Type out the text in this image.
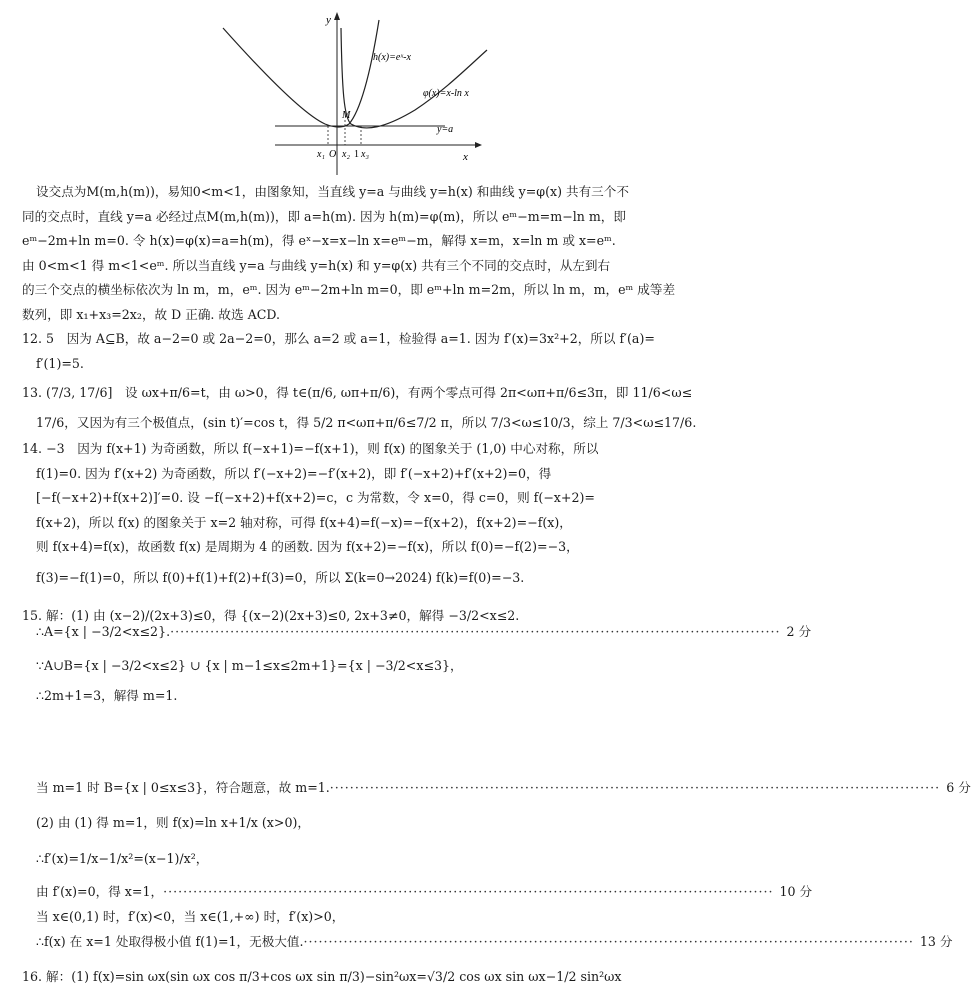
y
x
h(x)=eˣ-x
φ(x)=x-ln x
y=a
M
O
x₁ x₂ 1 x₃
设交点为M(m,h(m))，易知0<m<1，由图象知，当直线 y=a 与曲线 y=h(x) 和曲线 y=φ(x) 共有三个不
同的交点时，直线 y=a 必经过点M(m,h(m))，即 a=h(m). 因为 h(m)=φ(m)，所以 eᵐ−m=m−ln m，即
eᵐ−2m+ln m=0. 令 h(x)=φ(x)=a=h(m)，得 eˣ−x=x−ln x=eᵐ−m，解得 x=m，x=ln m 或 x=eᵐ.
由 0<m<1 得 m<1<eᵐ. 所以当直线 y=a 与曲线 y=h(x) 和 y=φ(x) 共有三个不同的交点时，从左到右
的三个交点的横坐标依次为 ln m，m，eᵐ. 因为 eᵐ−2m+ln m=0，即 eᵐ+ln m=2m，所以 ln m，m，eᵐ 成等差
数列，即 x₁+x₃=2x₂，故 D 正确. 故选 ACD.
12. 5　因为 A⊆B，故 a−2=0 或 2a−2=0，那么 a=2 或 a=1，检验得 a=1. 因为 f′(x)=3x²+2，所以 f′(a)=
f′(1)=5.
13. (7/3, 17/6]　设 ωx+π/6=t，由 ω>0，得 t∈(π/6, ωπ+π/6)，有两个零点可得 2π<ωπ+π/6≤3π，即 11/6<ω≤
17/6，又因为有三个极值点，(sin t)′=cos t，得 5/2 π<ωπ+π/6≤7/2 π，所以 7/3<ω≤10/3，综上 7/3<ω≤17/6.
14. −3　因为 f(x+1) 为奇函数，所以 f(−x+1)=−f(x+1)，则 f(x) 的图象关于 (1,0) 中心对称，所以
f(1)=0. 因为 f′(x+2) 为奇函数，所以 f′(−x+2)=−f′(x+2)，即 f′(−x+2)+f′(x+2)=0，得
[−f(−x+2)+f(x+2)]′=0. 设 −f(−x+2)+f(x+2)=c，c 为常数，令 x=0，得 c=0，则 f(−x+2)=
f(x+2)，所以 f(x) 的图象关于 x=2 轴对称，可得 f(x+4)=f(−x)=−f(x+2)，f(x+2)=−f(x)，
则 f(x+4)=f(x)，故函数 f(x) 是周期为 4 的函数. 因为 f(x+2)=−f(x)，所以 f(0)=−f(2)=−3，
f(3)=−f(1)=0，所以 f(0)+f(1)+f(2)+f(3)=0，所以 Σ(k=0→2024) f(k)=f(0)=−3.
15. 解：(1) 由 (x−2)/(2x+3)≤0，得 {(x−2)(2x+3)≤0, 2x+3≠0，解得 −3/2<x≤2.
∴A={x | −3/2<x≤2}. ·························································································································· 2 分
∵A∪B={x | −3/2<x≤2} ∪ {x | m−1≤x≤2m+1}={x | −3/2<x≤3}，
∴2m+1=3，解得 m=1.
当 m=1 时 B={x | 0≤x≤3}，符合题意，故 m=1. ·························································································································· 6 分
(2) 由 (1) 得 m=1，则 f(x)=ln x+1/x (x>0)，
∴f′(x)=1/x−1/x²=(x−1)/x²，
由 f′(x)=0，得 x=1， ·························································································································· 10 分
当 x∈(0,1) 时，f′(x)<0，当 x∈(1,+∞) 时，f′(x)>0，
∴f(x) 在 x=1 处取得极小值 f(1)=1，无极大值. ·························································································································· 13 分
16. 解：(1) f(x)=sin ωx(sin ωx cos π/3+cos ωx sin π/3)−sin²ωx=√3/2 cos ωx sin ωx−1/2 sin²ωx
